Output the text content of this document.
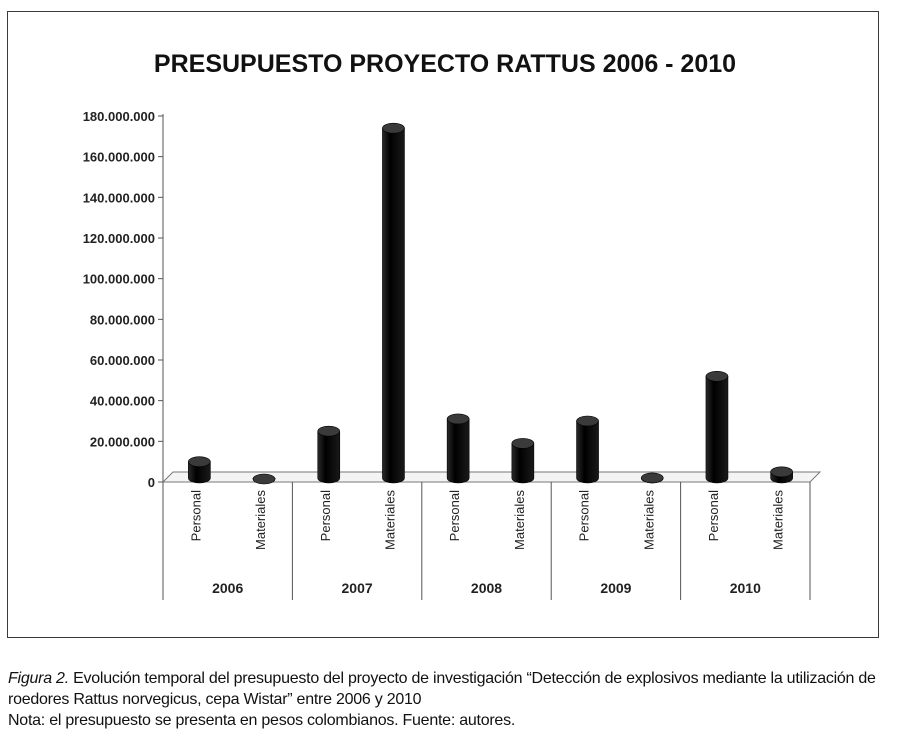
PRESUPUESTO PROYECTO RATTUS 2006 - 2010
0
20.000.000
40.000.000
60.000.000
80.000.000
100.000.000
120.000.000
140.000.000
160.000.000
180.000.000
2006
Personal	Materiales
2007
Personal	Materiales
2008
Personal	Materiales
2009
Personal	Materiales
2010
Personal	Materiales

Figura 2. Evolución temporal del presupuesto del proyecto de investigación “Detección de explosivos mediante la utilización de roedores Rattus norvegicus, cepa Wistar” entre 2006 y 2010

Nota: el presupuesto se presenta en pesos colombianos. Fuente: autores.
